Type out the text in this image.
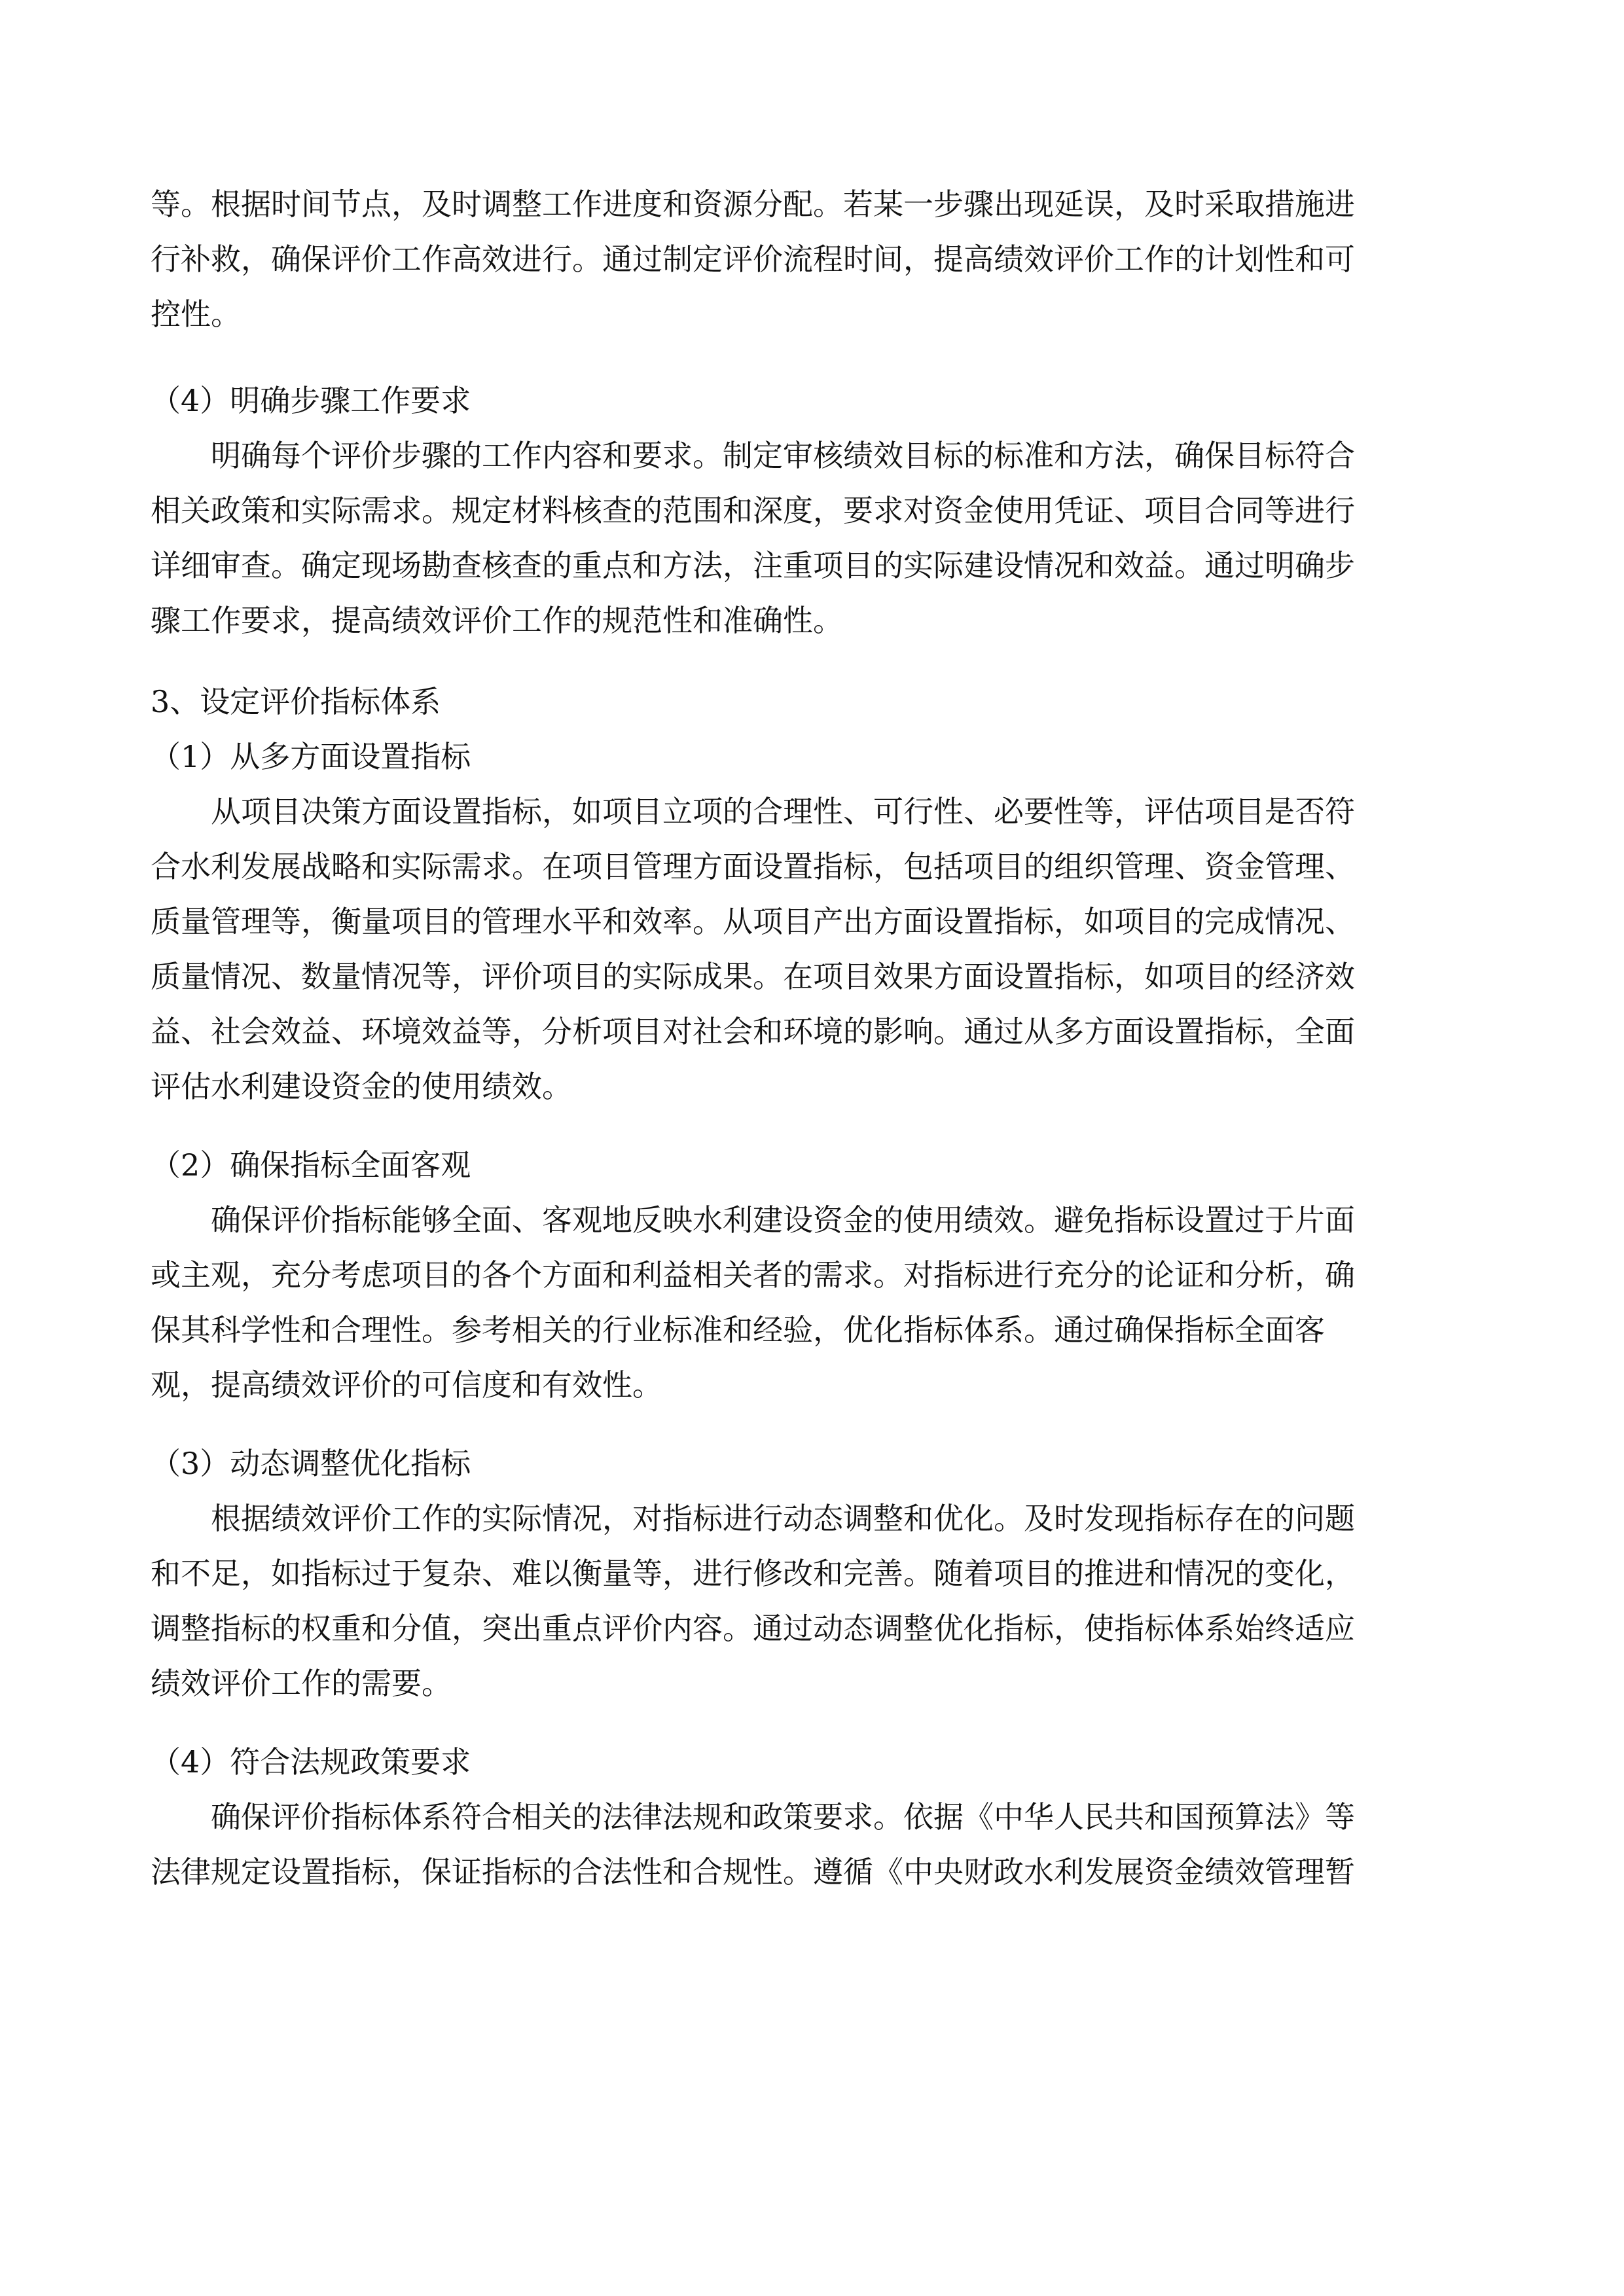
等。根据时间节点，及时调整工作进度和资源分配。若某一步骤出现延误，及时采取措施进
行补救，确保评价工作高效进行。通过制定评价流程时间，提高绩效评价工作的计划性和可
控性。
（4）明确步骤工作要求
明确每个评价步骤的工作内容和要求。制定审核绩效目标的标准和方法，确保目标符合
相关政策和实际需求。规定材料核查的范围和深度，要求对资金使用凭证、项目合同等进行
详细审查。确定现场勘查核查的重点和方法，注重项目的实际建设情况和效益。通过明确步
骤工作要求，提高绩效评价工作的规范性和准确性。
3、设定评价指标体系
（1）从多方面设置指标
从项目决策方面设置指标，如项目立项的合理性、可行性、必要性等，评估项目是否符
合水利发展战略和实际需求。在项目管理方面设置指标，包括项目的组织管理、资金管理、
质量管理等，衡量项目的管理水平和效率。从项目产出方面设置指标，如项目的完成情况、
质量情况、数量情况等，评价项目的实际成果。在项目效果方面设置指标，如项目的经济效
益、社会效益、环境效益等，分析项目对社会和环境的影响。通过从多方面设置指标，全面
评估水利建设资金的使用绩效。
（2）确保指标全面客观
确保评价指标能够全面、客观地反映水利建设资金的使用绩效。避免指标设置过于片面
或主观，充分考虑项目的各个方面和利益相关者的需求。对指标进行充分的论证和分析，确
保其科学性和合理性。参考相关的行业标准和经验，优化指标体系。通过确保指标全面客
观，提高绩效评价的可信度和有效性。
（3）动态调整优化指标
根据绩效评价工作的实际情况，对指标进行动态调整和优化。及时发现指标存在的问题
和不足，如指标过于复杂、难以衡量等，进行修改和完善。随着项目的推进和情况的变化，
调整指标的权重和分值，突出重点评价内容。通过动态调整优化指标，使指标体系始终适应
绩效评价工作的需要。
（4）符合法规政策要求
确保评价指标体系符合相关的法律法规和政策要求。依据《中华人民共和国预算法》等
法律规定设置指标，保证指标的合法性和合规性。遵循《中央财政水利发展资金绩效管理暂
